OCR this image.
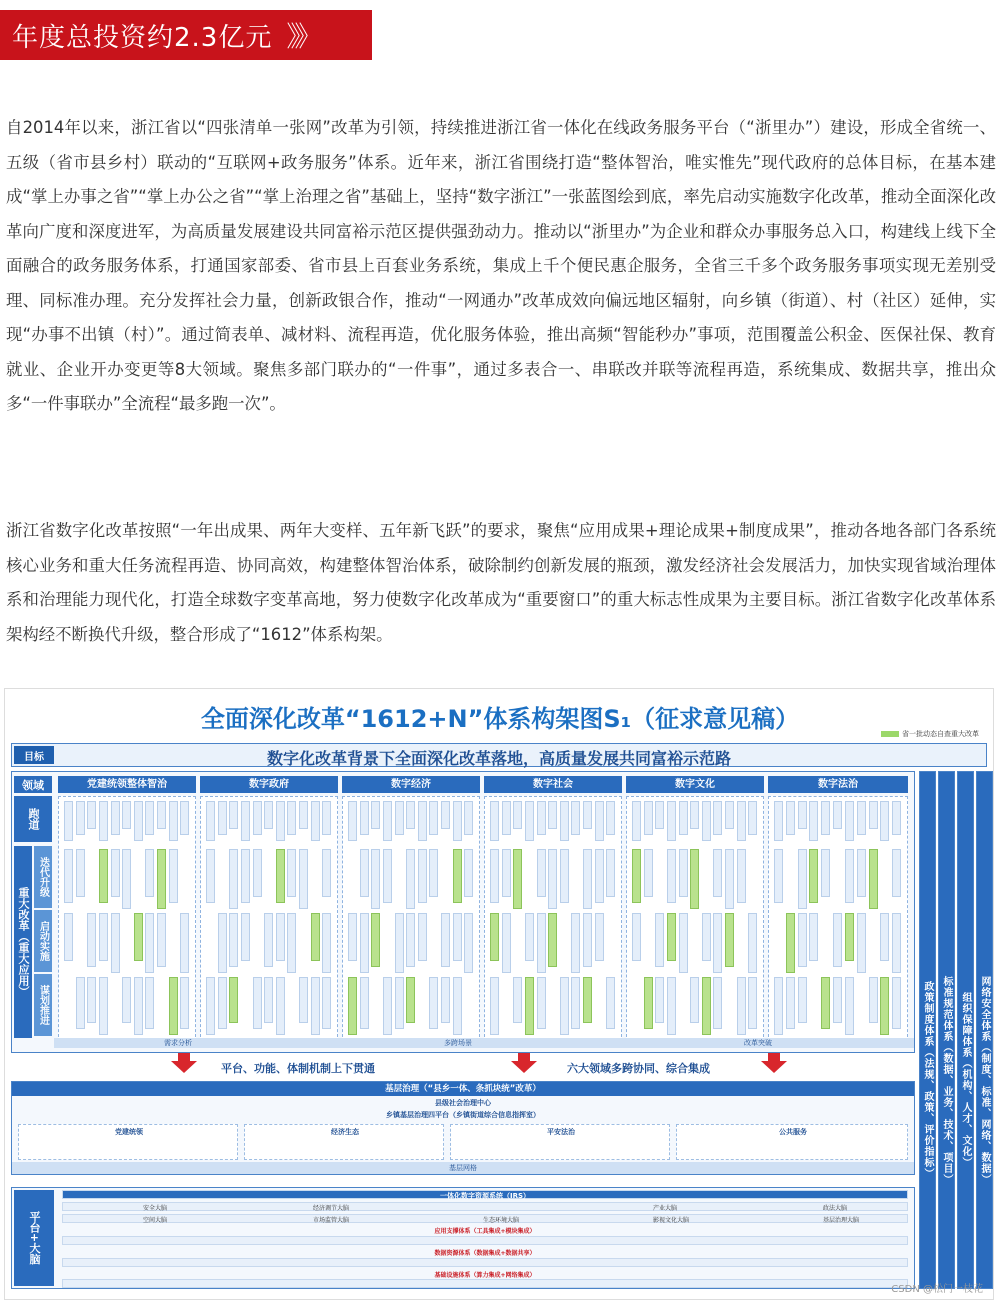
年度总投资约2.3亿元 》》

自2014年以来，浙江省以“四张清单一张网”改革为引领，持续推进浙江省一体化在线政务服务平台（“浙里办”）建设，形成全省统一、五级（省市县乡村）联动的“互联网+政务服务”体系。近年来，浙江省围绕打造“整体智治，唯实惟先”现代政府的总体目标，在基本建成“掌上办事之省”“掌上办公之省”“掌上治理之省”基础上，坚持“数字浙江”一张蓝图绘到底，率先启动实施数字化改革，推动全面深化改革向广度和深度进军，为高质量发展建设共同富裕示范区提供强劲动力。推动以“浙里办”为企业和群众办事服务总入口，构建线上线下全面融合的政务服务体系，打通国家部委、省市县上百套业务系统，集成上千个便民惠企服务，全省三千多个政务服务事项实现无差别受理、同标准办理。充分发挥社会力量，创新政银合作，推动“一网通办”改革成效向偏远地区辐射，向乡镇（街道）、村（社区）延伸，实现“办事不出镇（村）”。通过简表单、减材料、流程再造，优化服务体验，推出高频“智能秒办”事项，范围覆盖公积金、医保社保、教育就业、企业开办变更等8大领域。聚焦多部门联办的“一件事”，通过多表合一、串联改并联等流程再造，系统集成、数据共享，推出众多“一件事联办”全流程“最多跑一次”。

浙江省数字化改革按照“一年出成果、两年大变样、五年新飞跃”的要求，聚焦“应用成果+理论成果+制度成果”，推动各地各部门各系统核心业务和重大任务流程再造、协同高效，构建整体智治体系，破除制约创新发展的瓶颈，激发经济社会发展活力，加快实现省域治理体系和治理能力现代化，打造全球数字变革高地，努力使数字化改革成为“重要窗口”的重大标志性成果为主要目标。浙江省数字化改革体系架构经不断换代升级，整合形成了“1612”体系构架。

全面深化改革“1612+N”体系构架图S₁（征求意见稿）
省一批动态自查重大改革
目标	数字化改革背景下全面深化改革落地，高质量发展共同富裕示范路
领域
跑道
重大改革（重大应用）
迭代升级
启动实施
谋划推进
党建统领整体智治	数字政府	数字经济	数字社会	数字文化	数字法治
需求分析	多跨场景	改革突破
平台、功能、体制机制上下贯通	六大领域多跨协同、综合集成
基层治理（“县乡一体、条抓块统”改革）
县级社会治理中心
乡镇基层治理四平台（乡镇街道综合信息指挥室）
党建统领	经济生态	平安法治	公共服务
基层网格
平台+大脑
一体化数字资源系统（IRS）
安全大脑	经济调节大脑	产业大脑	政法大脑
空间大脑	市场监管大脑	生态环境大脑	影视文化大脑	基层治理大脑
应用支撑体系（工具集成+模块集成）
数据资源体系（数据集成+数据共享）
基础设施体系（算力集成+网络集成）
政策制度体系（法规、政策、评价指标） 标准规范体系（数据、业务、技术、项目） 组织保障体系（机构、人才、文化） 网络安全体系（制度、标准、网络、数据）
CSDN @松门一枝花
